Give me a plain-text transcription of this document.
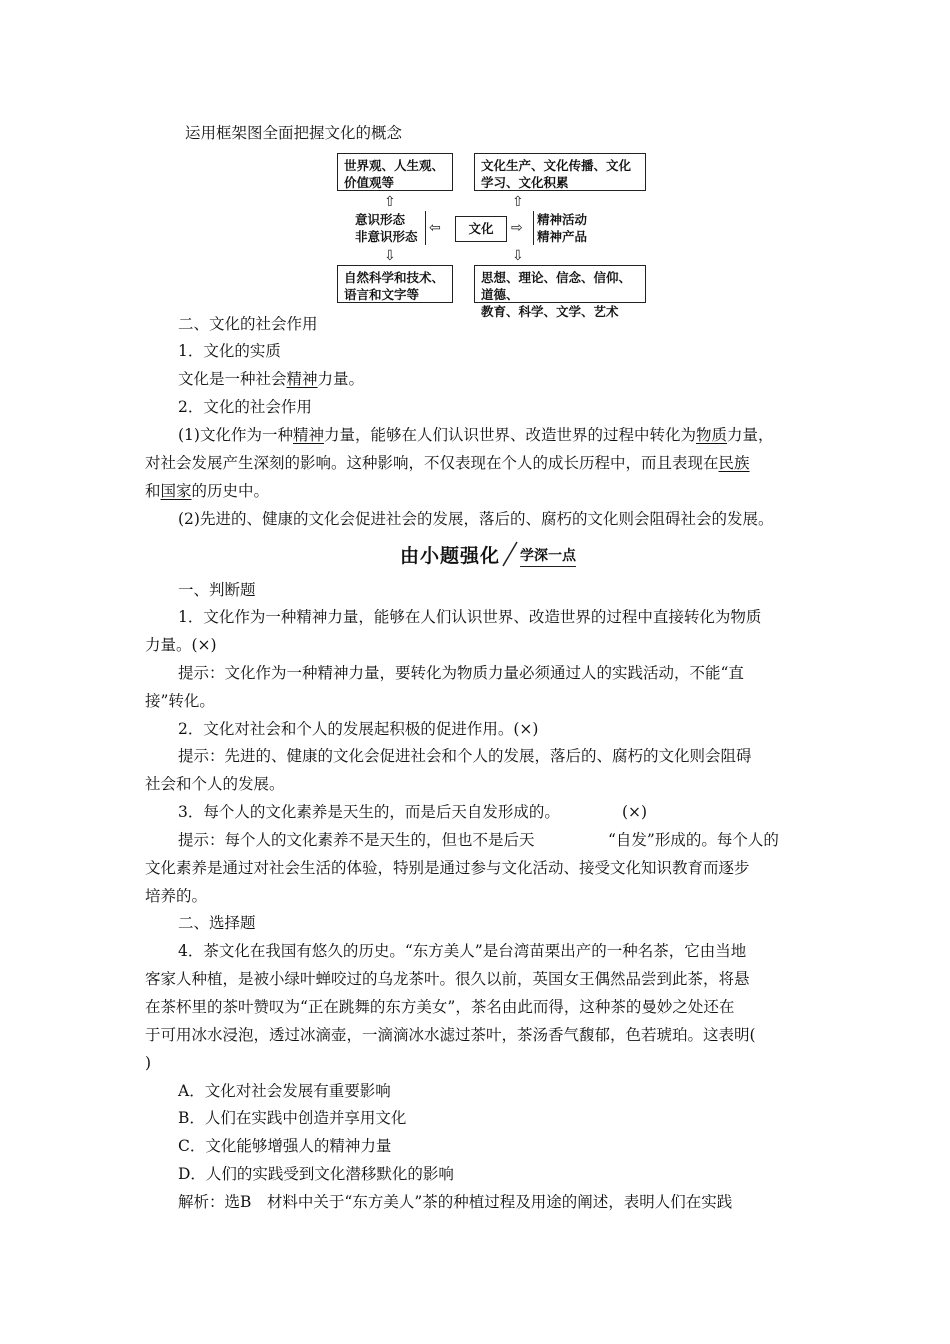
运用框架图全面把握文化的概念
世界观、人生观、
价值观等
文化生产、文化传播、文化
学习、文化积累
⇧	⇧
意识形态
非意识形态
⇦	文化	⇨
精神活动
精神产品
⇩	⇩
自然科学和技术、
语言和文字等
思想、理论、信念、信仰、道德、
教育、科学、文学、艺术
二、文化的社会作用
1．文化的实质
文化是一种社会精神力量。
2．文化的社会作用
(1)文化作为一种精神力量，能够在人们认识世界、改造世界的过程中转化为物质力量，
对社会发展产生深刻的影响。这种影响，不仅表现在个人的成长历程中，而且表现在民族
和国家的历史中。
(2)先进的、健康的文化会促进社会的发展，落后的、腐朽的文化则会阻碍社会的发展。
由小题强化 学深一点
一、判断题
1．文化作为一种精神力量，能够在人们认识世界、改造世界的过程中直接转化为物质
力量。(×)
提示：文化作为一种精神力量，要转化为物质力量必须通过人的实践活动，不能“直
接”转化。
2．文化对社会和个人的发展起积极的促进作用。(×)
提示：先进的、健康的文化会促进社会和个人的发展，落后的、腐朽的文化则会阻碍
社会和个人的发展。
3．每个人的文化素养是天生的，而是后天自发形成的。	(×)
提示：每个人的文化素养不是天生的，但也不是后天	“自发”形成的。每个人的
文化素养是通过对社会生活的体验，特别是通过参与文化活动、接受文化知识教育而逐步
培养的。
二、选择题
4．茶文化在我国有悠久的历史。“东方美人”是台湾苗栗出产的一种名茶，它由当地
客家人种植，是被小绿叶蝉咬过的乌龙茶叶。很久以前，英国女王偶然品尝到此茶，将悬
在茶杯里的茶叶赞叹为“正在跳舞的东方美女”，茶名由此而得，这种茶的曼妙之处还在
于可用冰水浸泡，透过冰滴壶，一滴滴冰水滤过茶叶，茶汤香气馥郁，色若琥珀。这表明(
)
A．文化对社会发展有重要影响
B．人们在实践中创造并享用文化
C．文化能够增强人的精神力量
D．人们的实践受到文化潜移默化的影响
解析：选B　材料中关于“东方美人”茶的种植过程及用途的阐述，表明人们在实践
